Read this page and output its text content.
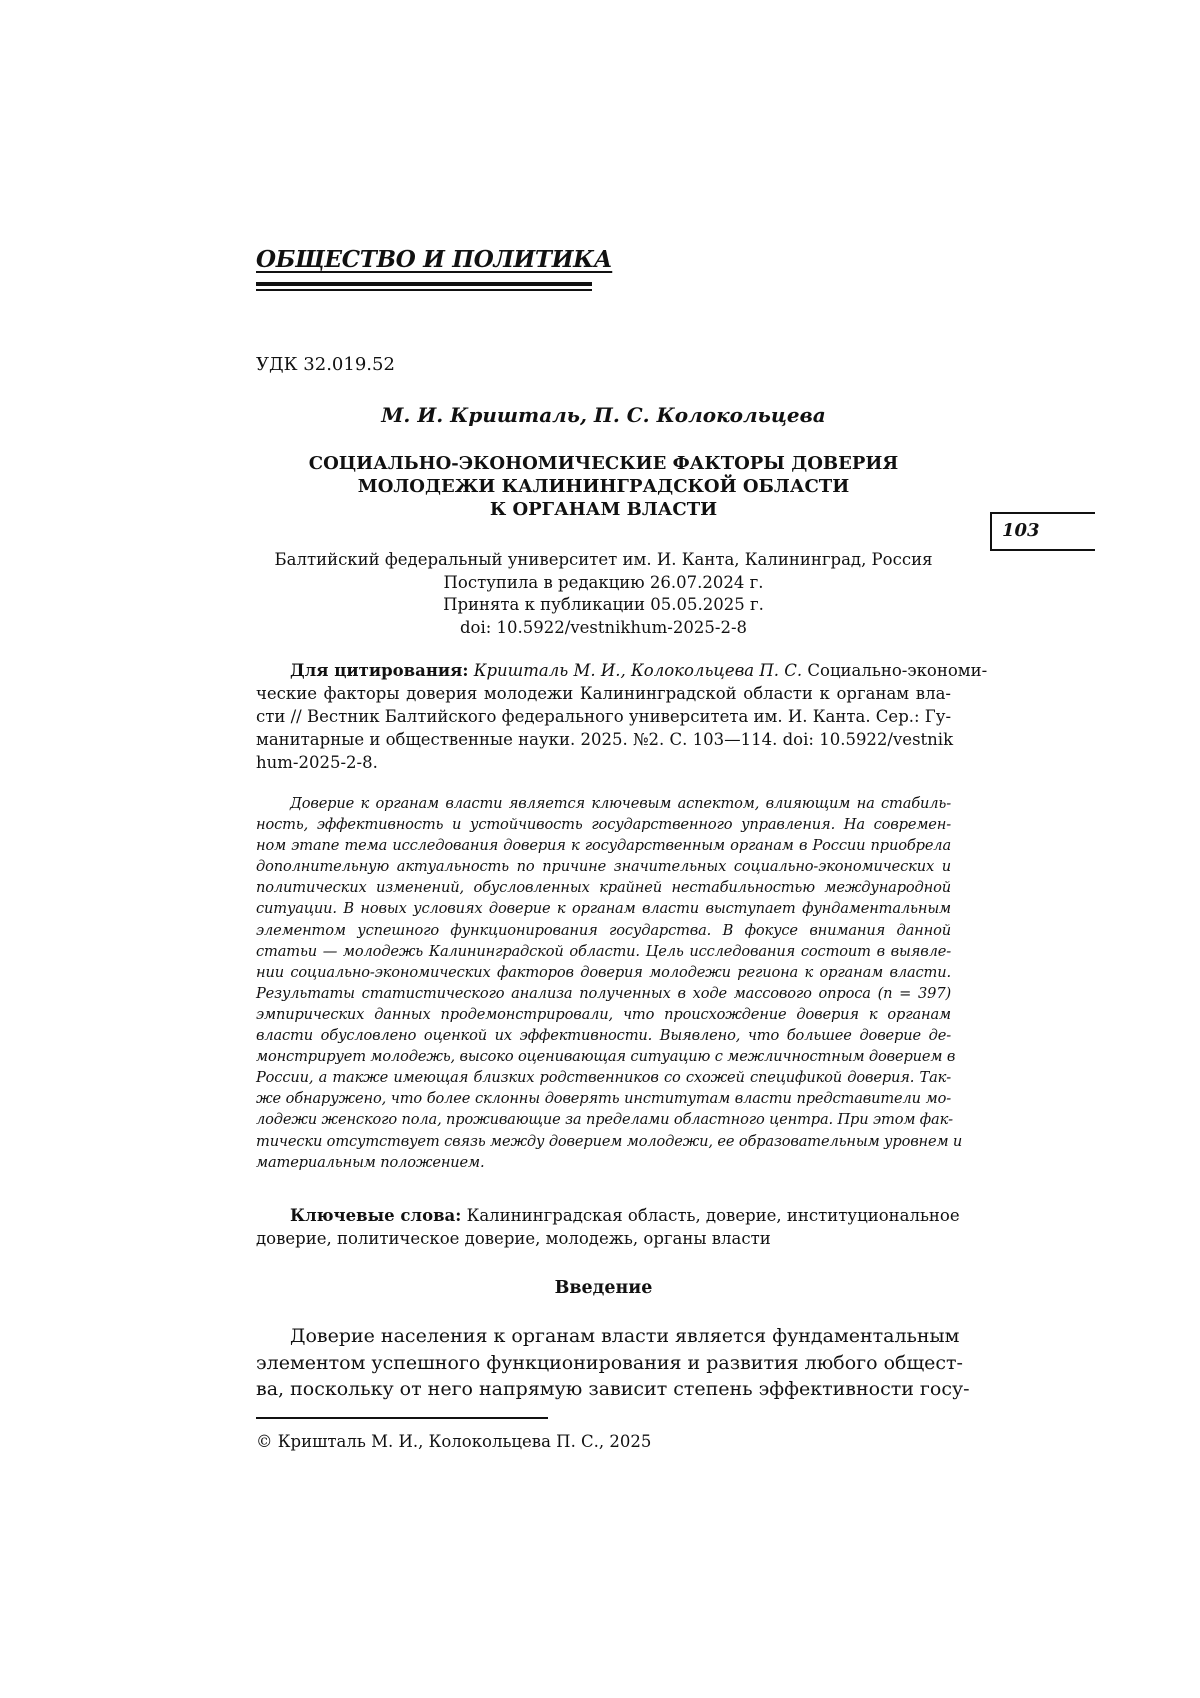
ОБЩЕСТВО И ПОЛИТИКА
УДК 32.019.52
М. И. Кришталь, П. С. Колокольцева
СОЦИАЛЬНО-ЭКОНОМИЧЕСКИЕ ФАКТОРЫ ДОВЕРИЯ
МОЛОДЕЖИ КАЛИНИНГРАДСКОЙ ОБЛАСТИ
К ОРГАНАМ ВЛАСТИ
103
Балтийский федеральный университет им. И. Канта, Калининград, Россия
Поступила в редакцию 26.07.2024 г.
Принята к публикации 05.05.2025 г.
doi: 10.5922/vestnikhum-2025-2-8
Для цитирования: Кришталь М. И., Колокольцева П. С. Социально-экономи-
ческие факторы доверия молодежи Калининградской области к органам вла-
сти // Вестник Балтийского федерального университета им. И. Канта. Сер.: Гу-
манитарные и общественные науки. 2025. №2. С. 103—114. doi: 10.5922/vestnik
hum-2025-2-8.
Доверие к органам власти является ключевым аспектом, влияющим на стабиль-
ность, эффективность и устойчивость государственного управления. На современ-
ном этапе тема исследования доверия к государственным органам в России приобрела
дополнительную актуальность по причине значительных социально-экономических и
политических изменений, обусловленных крайней нестабильностью международной
ситуации. В новых условиях доверие к органам власти выступает фундаментальным
элементом успешного функционирования государства. В фокусе внимания данной
статьи — молодежь Калининградской области. Цель исследования состоит в выявле-
нии социально-экономических факторов доверия молодежи региона к органам власти.
Результаты статистического анализа полученных в ходе массового опроса (n = 397)
эмпирических данных продемонстрировали, что происхождение доверия к органам
власти обусловлено оценкой их эффективности. Выявлено, что большее доверие де-
монстрирует молодежь, высоко оценивающая ситуацию с межличностным доверием в
России, а также имеющая близких родственников со схожей спецификой доверия. Так-
же обнаружено, что более склонны доверять институтам власти представители мо-
лодежи женского пола, проживающие за пределами областного центра. При этом фак-
тически отсутствует связь между доверием молодежи, ее образовательным уровнем и
материальным положением.
Ключевые слова: Калининградская область, доверие, институциональное
доверие, политическое доверие, молодежь, органы власти
Введение
Доверие населения к органам власти является фундаментальным
элементом успешного функционирования и развития любого общест-
ва, поскольку от него напрямую зависит степень эффективности госу-
© Кришталь М. И., Колокольцева П. С., 2025
